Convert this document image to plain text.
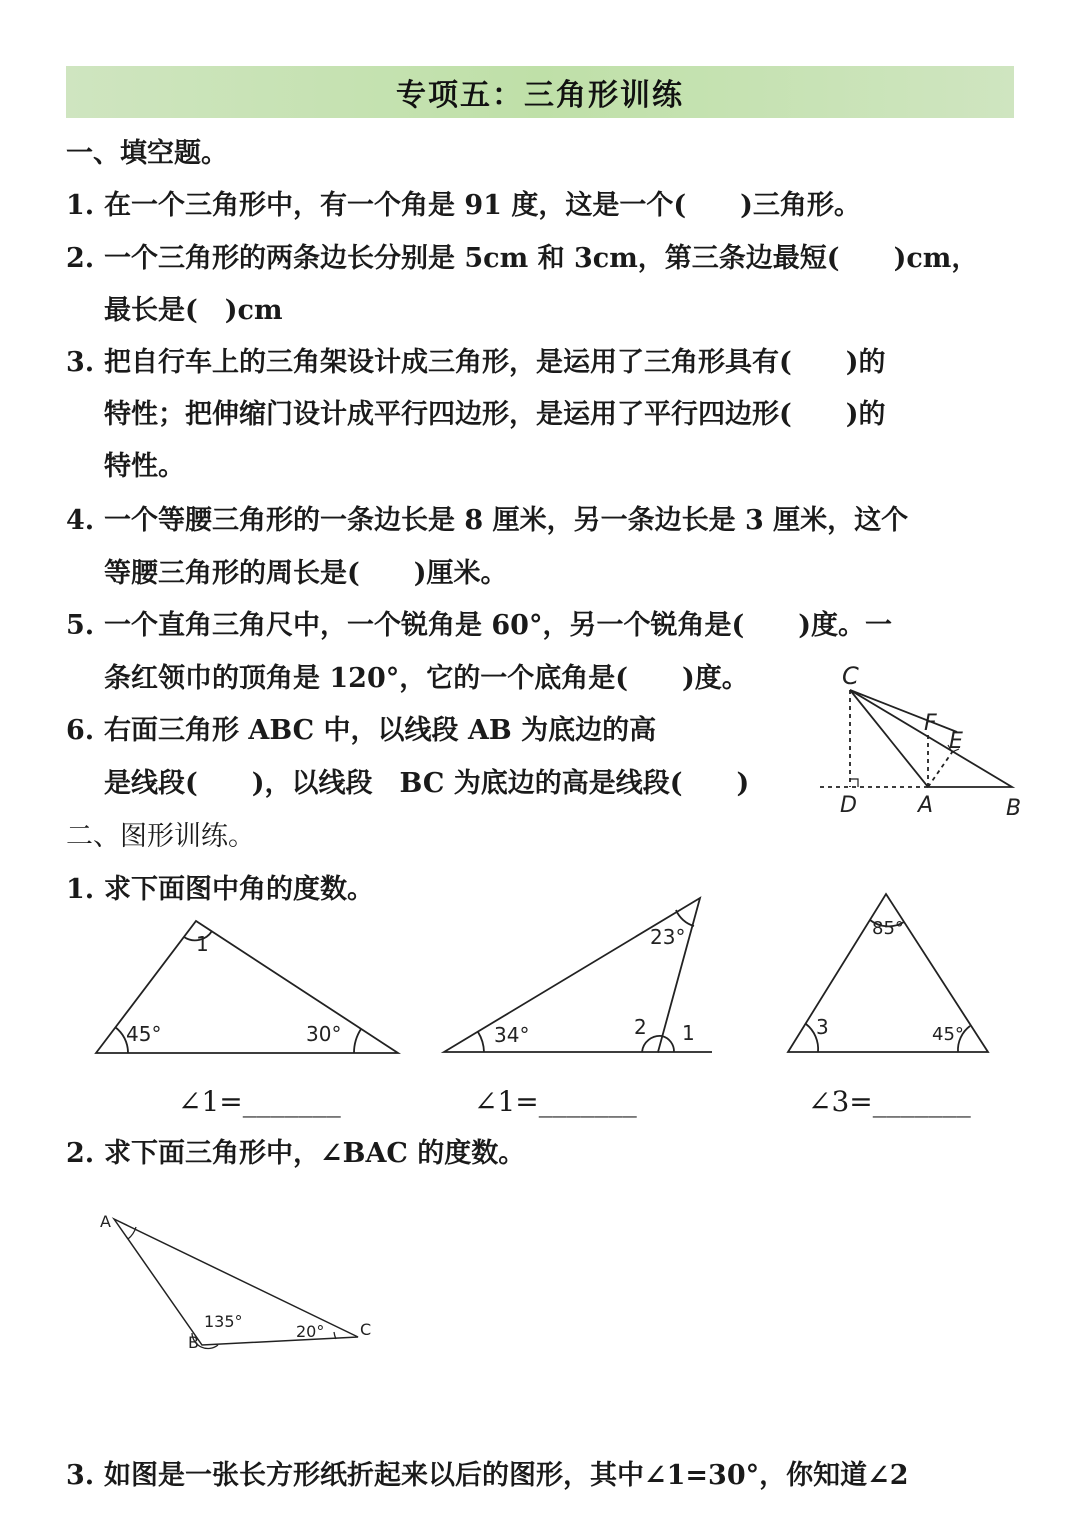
专项五：三角形训练
一、填空题。
1. 在一个三角形中，有一个角是 91 度，这是一个(　　)三角形。
2. 一个三角形的两条边长分别是 5cm 和 3cm，第三条边最短(　　)cm，
最长是(　)cm
3. 把自行车上的三角架设计成三角形，是运用了三角形具有(　　)的
特性；把伸缩门设计成平行四边形，是运用了平行四边形(　　)的
特性。
4. 一个等腰三角形的一条边长是 8 厘米，另一条边长是 3 厘米，这个
等腰三角形的周长是(　　)厘米。
5. 一个直角三角尺中，一个锐角是 60°，另一个锐角是(　　)度。一
条红领巾的顶角是 120°，它的一个底角是(　　)度。
6. 右面三角形 ABC 中，以线段 AB 为底边的高
是线段(　　)，以线段　BC 为底边的高是线段(　　)
C
F
E
D	A	B
二、图形训练。
1. 求下面图中角的度数。
1
45°	30°
23°
34°	2 1
85°
3	45°
∠1=_______	∠1=_______	∠3=_______
2. 求下面三角形中，∠BAC 的度数。
A
B
C
135°
20°
3. 如图是一张长方形纸折起来以后的图形，其中∠1=30°，你知道∠2
